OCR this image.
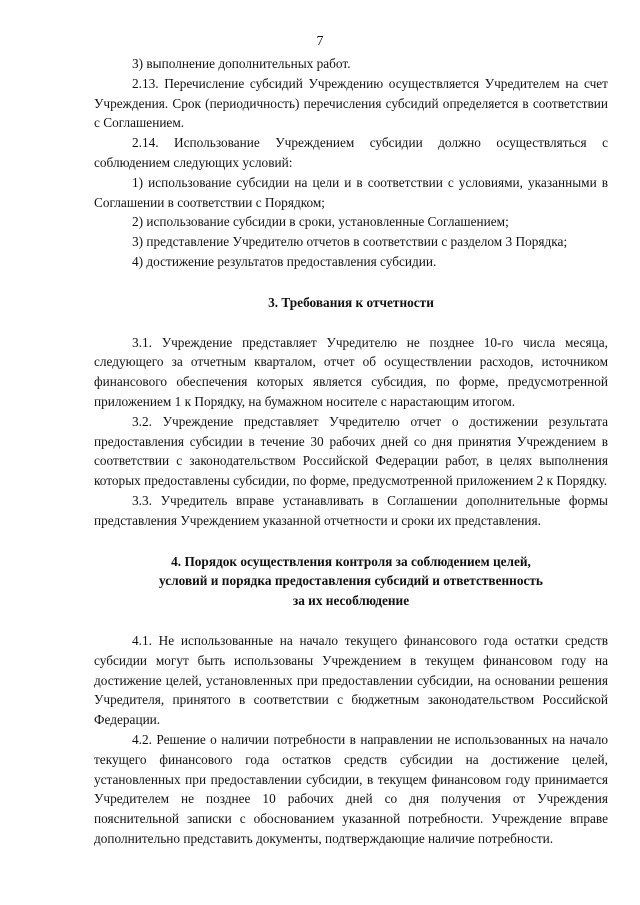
7

3) выполнение дополнительных работ.

2.13. Перечисление субсидий Учреждению осуществляется Учредителем на счет Учреждения. Срок (периодичность) перечисления субсидий определяется в соответствии с Соглашением.

2.14. Использование Учреждением субсидии должно осуществляться с соблюдением следующих условий:

1) использование субсидии на цели и в соответствии с условиями, указанными в Соглашении в соответствии с Порядком;

2) использование субсидии в сроки, установленные Соглашением;

3) представление Учредителю отчетов в соответствии с разделом 3 Порядка;

4) достижение результатов предоставления субсидии.

3. Требования к отчетности

3.1. Учреждение представляет Учредителю не позднее 10-го числа месяца, следующего за отчетным кварталом, отчет об осуществлении расходов, источником финансового обеспечения которых является субсидия, по форме, предусмотренной приложением 1 к Порядку, на бумажном носителе с нарастающим итогом.

3.2. Учреждение представляет Учредителю отчет о достижении результата предоставления субсидии в течение 30 рабочих дней со дня принятия Учреждением в соответствии с законодательством Российской Федерации работ, в целях выполнения которых предоставлены субсидии, по форме, предусмотренной приложением 2 к Порядку.

3.3. Учредитель вправе устанавливать в Соглашении дополнительные формы представления Учреждением указанной отчетности и сроки их представления.

4. Порядок осуществления контроля за соблюдением целей,

условий и порядка предоставления субсидий и ответственность

за их несоблюдение

4.1. Не использованные на начало текущего финансового года остатки средств субсидии могут быть использованы Учреждением в текущем финансовом году на достижение целей, установленных при предоставлении субсидии, на основании решения Учредителя, принятого в соответствии с бюджетным законодательством Российской Федерации.

4.2. Решение о наличии потребности в направлении не использованных на начало текущего финансового года остатков средств субсидии на достижение целей, установленных при предоставлении субсидии, в текущем финансовом году принимается Учредителем не позднее 10 рабочих дней со дня получения от Учреждения пояснительной записки с обоснованием указанной потребности. Учреждение вправе дополнительно представить документы, подтверждающие наличие потребности.
